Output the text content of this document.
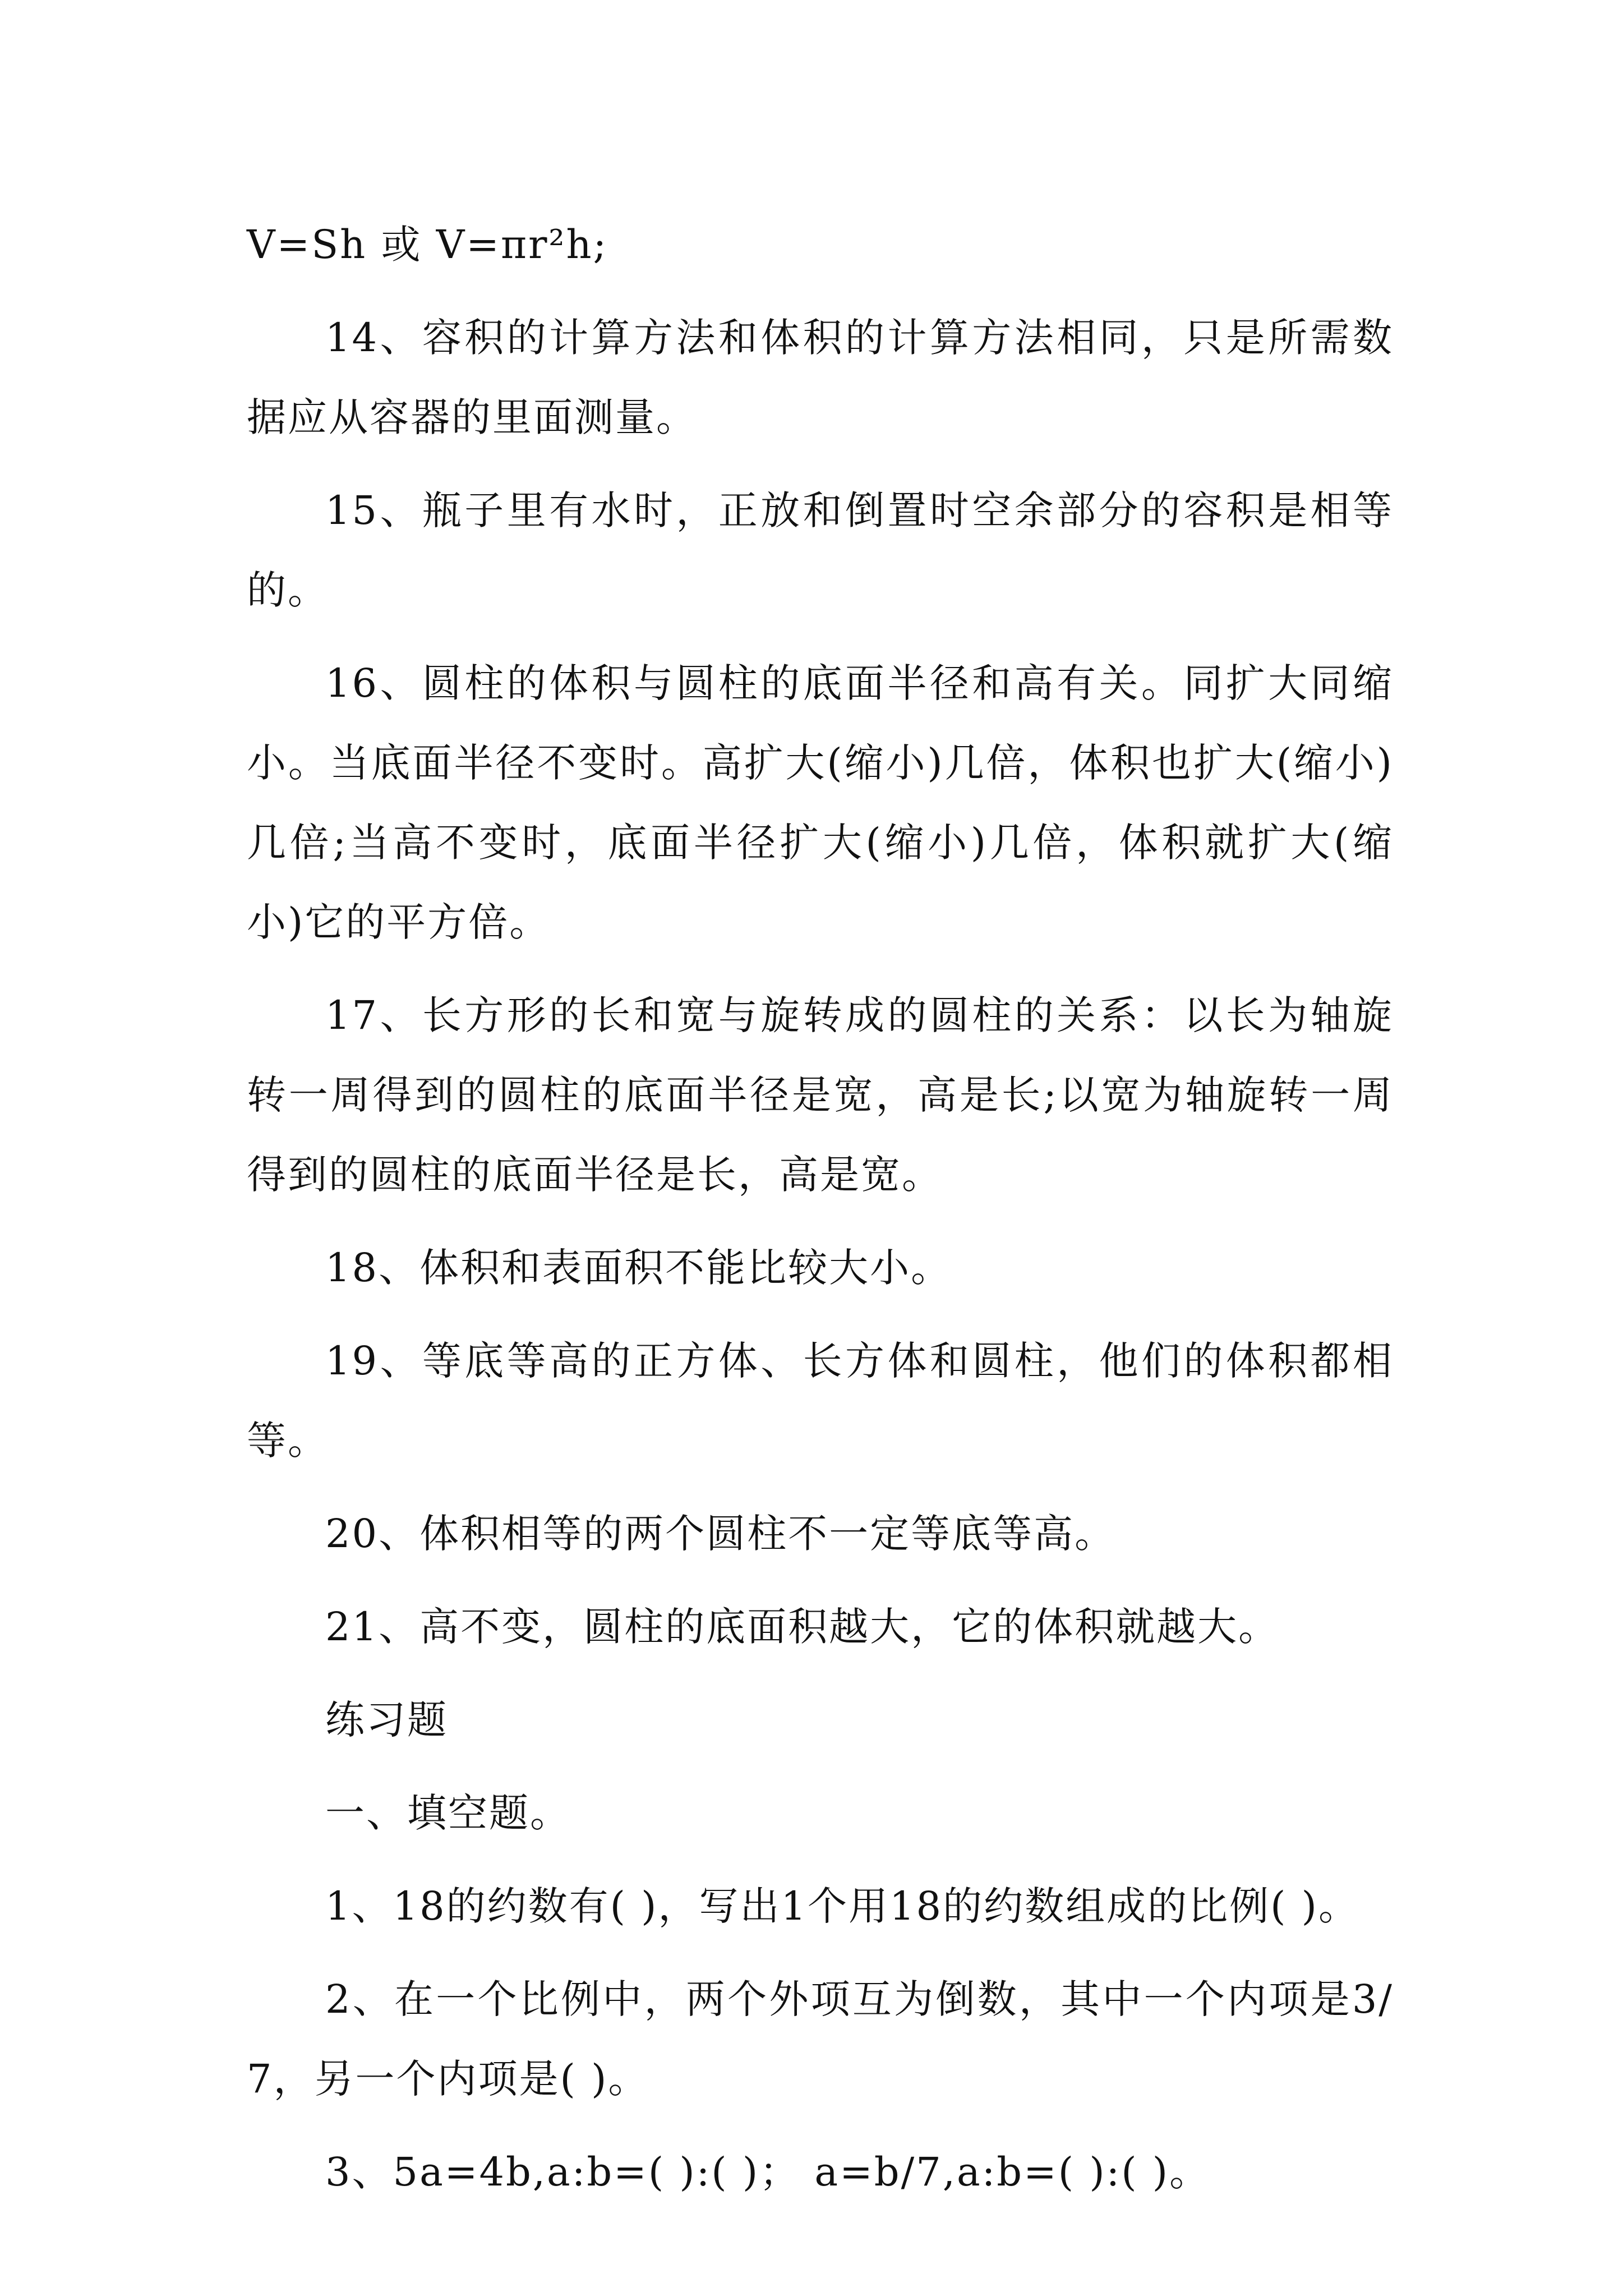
V=Sh 或 V=πr²h;

14、容积的计算方法和体积的计算方法相同，只是所需数据应从容器的里面测量。

15、瓶子里有水时，正放和倒置时空余部分的容积是相等的。

16、圆柱的体积与圆柱的底面半径和高有关。同扩大同缩小。当底面半径不变时。高扩大(缩小)几倍，体积也扩大(缩小)几倍;当高不变时，底面半径扩大(缩小)几倍，体积就扩大(缩小)它的平方倍。

17、长方形的长和宽与旋转成的圆柱的关系：以长为轴旋转一周得到的圆柱的底面半径是宽，高是长;以宽为轴旋转一周得到的圆柱的底面半径是长，高是宽。

18、体积和表面积不能比较大小。

19、等底等高的正方体、长方体和圆柱，他们的体积都相等。

20、体积相等的两个圆柱不一定等底等高。

21、高不变，圆柱的底面积越大，它的体积就越大。

练习题

一、填空题。

1、18的约数有( )，写出1个用18的约数组成的比例( )。

2、在一个比例中，两个外项互为倒数，其中一个内项是3/7，另一个内项是( )。

3、5a=4b,a:b=( ):( )； a=b/7,a:b=( ):( )。
